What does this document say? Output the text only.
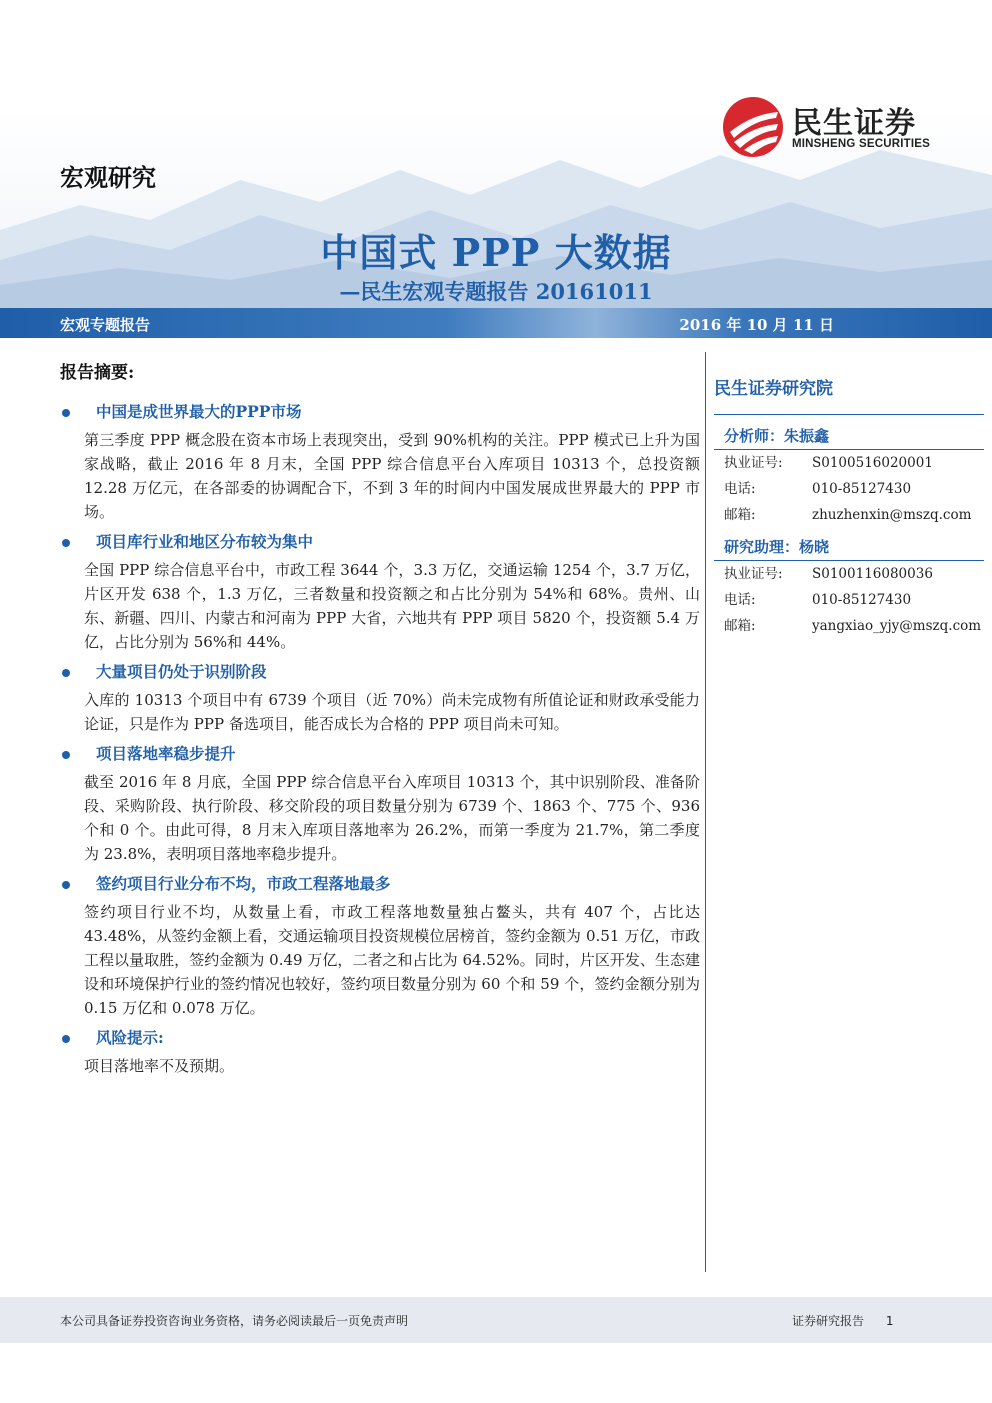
民生证券
MINSHENG SECURITIES
宏观研究
中国式 PPP 大数据
—民生宏观专题报告 20161011
宏观专题报告	2016 年 10 月 11 日
报告摘要:
中国是成世界最大的PPP市场
第三季度 PPP 概念股在资本市场上表现突出，受到 90%机构的关注。PPP 模式已上升为国家战略，截止 2016 年 8 月末，全国 PPP 综合信息平台入库项目 10313 个，总投资额 12.28 万亿元，在各部委的协调配合下，不到 3 年的时间内中国发展成世界最大的 PPP 市场。
项目库行业和地区分布较为集中
全国 PPP 综合信息平台中，市政工程 3644 个，3.3 万亿，交通运输 1254 个，3.7 万亿，片区开发 638 个，1.3 万亿，三者数量和投资额之和占比分别为 54%和 68%。贵州、山东、新疆、四川、内蒙古和河南为 PPP 大省，六地共有 PPP 项目 5820 个，投资额 5.4 万亿，占比分别为 56%和 44%。
大量项目仍处于识别阶段
入库的 10313 个项目中有 6739 个项目（近 70%）尚未完成物有所值论证和财政承受能力论证，只是作为 PPP 备选项目，能否成长为合格的 PPP 项目尚未可知。
项目落地率稳步提升
截至 2016 年 8 月底，全国 PPP 综合信息平台入库项目 10313 个，其中识别阶段、准备阶段、采购阶段、执行阶段、移交阶段的项目数量分别为 6739 个、1863 个、775 个、936 个和 0 个。由此可得，8 月末入库项目落地率为 26.2%，而第一季度为 21.7%，第二季度为 23.8%，表明项目落地率稳步提升。
签约项目行业分布不均，市政工程落地最多
签约项目行业不均，从数量上看，市政工程落地数量独占鳌头，共有 407 个，占比达 43.48%，从签约金额上看，交通运输项目投资规模位居榜首，签约金额为 0.51 万亿，市政工程以量取胜，签约金额为 0.49 万亿，二者之和占比为 64.52%。同时，片区开发、生态建设和环境保护行业的签约情况也较好，签约项目数量分别为 60 个和 59 个，签约金额分别为 0.15 万亿和 0.078 万亿。
风险提示:
项目落地率不及预期。
民生证券研究院
分析师：朱振鑫
执业证号:	S0100516020001
电话:	010-85127430
邮箱:	zhuzhenxin@mszq.com
研究助理：杨晓
执业证号:	S0100116080036
电话:	010-85127430
邮箱:	yangxiao_yjy@mszq.com
本公司具备证券投资咨询业务资格，请务必阅读最后一页免责声明	证券研究报告 1
